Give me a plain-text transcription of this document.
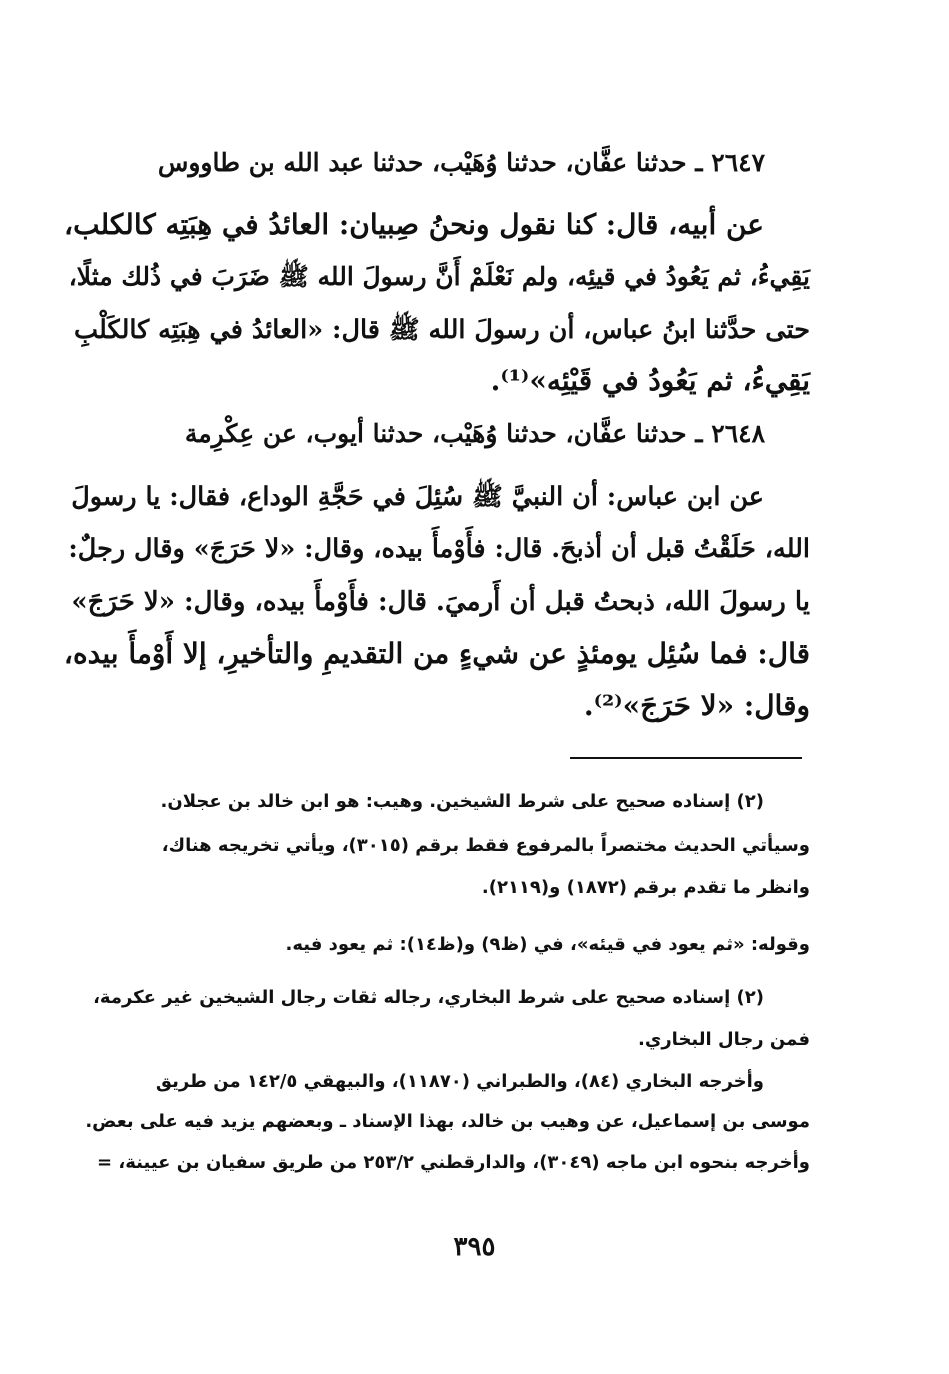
٢٦٤٧ ـ حدثنا عفَّان، حدثنا وُهَيْب، حدثنا عبد الله بن طاووس
عن أبيه، قال: كنا نقول ونحنُ صِبيان: العائدُ في هِبَتِه كالكلب،
يَقِيءُ، ثم يَعُودُ في قيئِه، ولم نَعْلَمْ أَنَّ رسولَ الله ﷺ ضَرَبَ في ذُلك مثلًا،
حتى حدَّثنا ابنُ عباس، أن رسولَ الله ﷺ قال: «العائدُ في هِبَتِه كالكَلْبِ
يَقِيءُ، ثم يَعُودُ في قَيْئِه»⁽¹⁾.
٢٦٤٨ ـ حدثنا عفَّان، حدثنا وُهَيْب، حدثنا أيوب، عن عِكْرِمة
عن ابن عباس: أن النبيَّ ﷺ سُئِلَ في حَجَّةِ الوداع، فقال: يا رسولَ
الله، حَلَقْتُ قبل أن أذبحَ. قال: فأَوْمأَ بيده، وقال: «لا حَرَجَ» وقال رجلٌ:
يا رسولَ الله، ذبحتُ قبل أن أَرميَ. قال: فأَوْمأَ بيده، وقال: «لا حَرَجَ»
قال: فما سُئِل يومئذٍ عن شيءٍ من التقديمِ والتأخيرِ، إلا أَوْمأَ بيده،
وقال: «لا حَرَجَ»⁽²⁾.
(٢) إسناده صحيح على شرط الشيخين. وهيب: هو ابن خالد بن عجلان.
وسيأتي الحديث مختصراً بالمرفوع فقط برقم (٣٠١٥)، ويأتي تخريجه هناك،
وانظر ما تقدم برقم (١٨٧٢) و(٢١١٩).
وقوله: «ثم يعود في قيئه»، في (ظ٩) و(ظ١٤): ثم يعود فيه.
(٢) إسناده صحيح على شرط البخاري، رجاله ثقات رجال الشيخين غير عكرمة،
فمن رجال البخاري.
وأخرجه البخاري (٨٤)، والطبراني (١١٨٧٠)، والبيهقي ١٤٢/٥ من طريق
موسى بن إسماعيل، عن وهيب بن خالد، بهذا الإسناد ـ وبعضهم يزيد فيه على بعض.
وأخرجه بنحوه ابن ماجه (٣٠٤٩)، والدارقطني ٢٥٣/٢ من طريق سفيان بن عيينة، =
٣٩٥
